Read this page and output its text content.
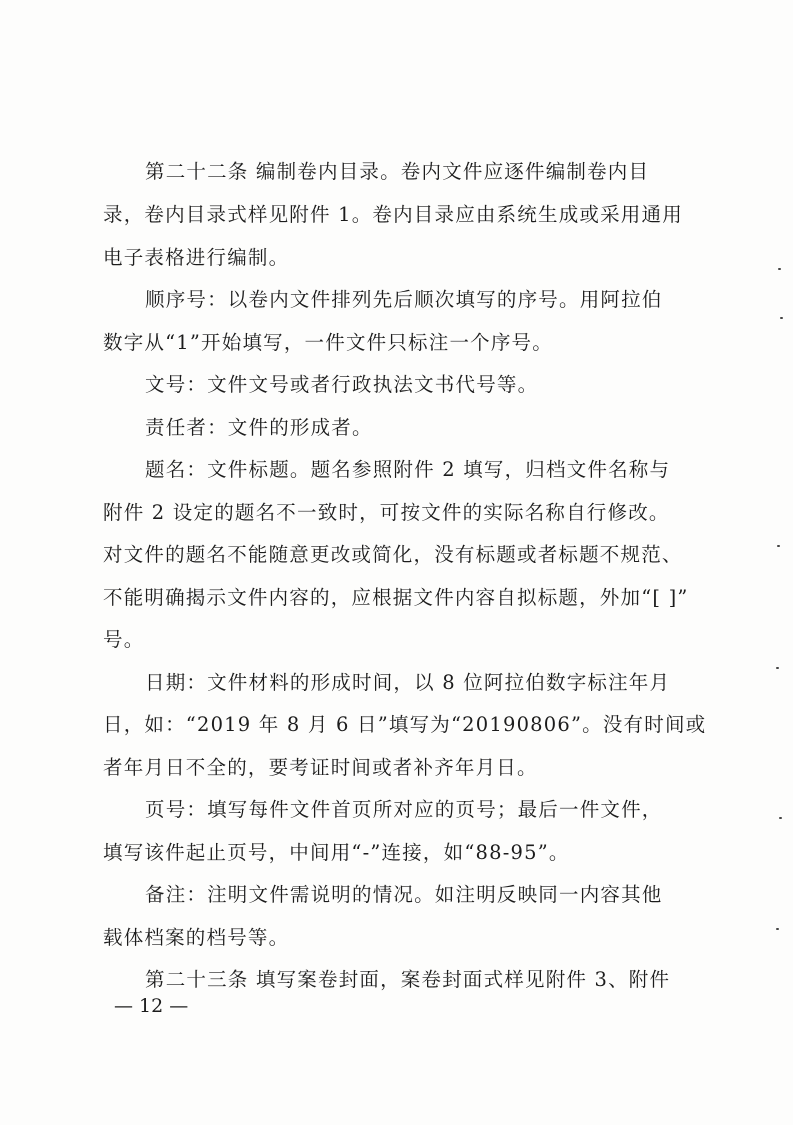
第二十二条 编制卷内目录。卷内文件应逐件编制卷内目
录，卷内目录式样见附件 1。卷内目录应由系统生成或采用通用
电子表格进行编制。
顺序号：以卷内文件排列先后顺次填写的序号。用阿拉伯
数字从“1”开始填写，一件文件只标注一个序号。
文号：文件文号或者行政执法文书代号等。
责任者：文件的形成者。
题名：文件标题。题名参照附件 2 填写，归档文件名称与
附件 2 设定的题名不一致时，可按文件的实际名称自行修改。
对文件的题名不能随意更改或简化，没有标题或者标题不规范、
不能明确揭示文件内容的，应根据文件内容自拟标题，外加“[ ]”
号。
日期：文件材料的形成时间，以 8 位阿拉伯数字标注年月
日，如：“2019 年 8 月 6 日”填写为“20190806”。没有时间或
者年月日不全的，要考证时间或者补齐年月日。
页号：填写每件文件首页所对应的页号；最后一件文件，
填写该件起止页号，中间用“-”连接，如“88-95”。
备注：注明文件需说明的情况。如注明反映同一内容其他
载体档案的档号等。
第二十三条 填写案卷封面，案卷封面式样见附件 3、附件
— 12 —
